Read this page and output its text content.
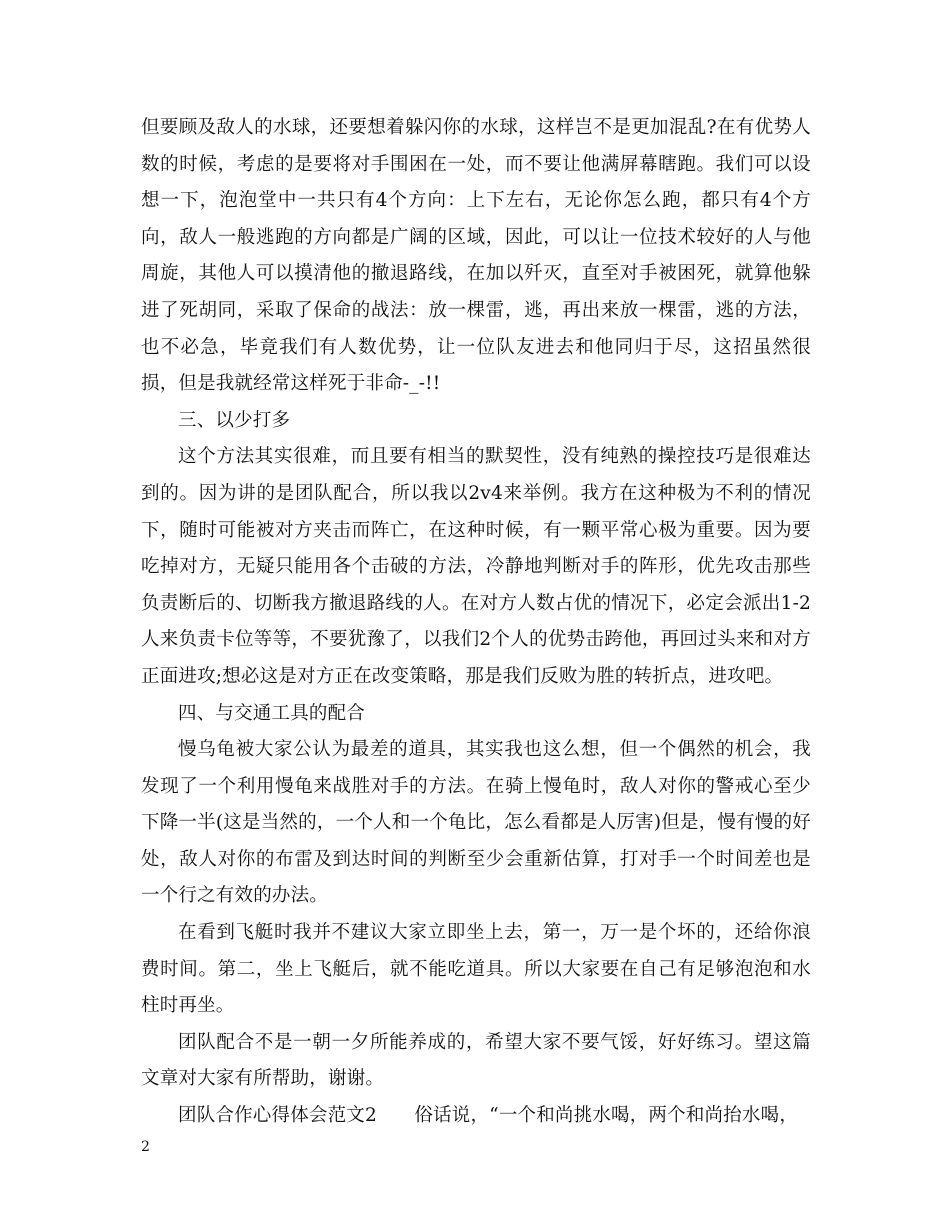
但要顾及敌人的水球，还要想着躲闪你的水球，这样岂不是更加混乱?在有优势人数的时候，考虑的是要将对手围困在一处，而不要让他满屏幕瞎跑。我们可以设想一下，泡泡堂中一共只有4个方向：上下左右，无论你怎么跑，都只有4个方向，敌人一般逃跑的方向都是广阔的区域，因此，可以让一位技术较好的人与他周旋，其他人可以摸清他的撤退路线，在加以歼灭，直至对手被困死，就算他躲进了死胡同，采取了保命的战法：放一棵雷，逃，再出来放一棵雷，逃的方法，也不必急，毕竟我们有人数优势，让一位队友进去和他同归于尽，这招虽然很损，但是我就经常这样死于非命-_-!!

三、以少打多

这个方法其实很难，而且要有相当的默契性，没有纯熟的操控技巧是很难达到的。因为讲的是团队配合，所以我以2v4来举例。我方在这种极为不利的情况下，随时可能被对方夹击而阵亡，在这种时候，有一颗平常心极为重要。因为要吃掉对方，无疑只能用各个击破的方法，冷静地判断对手的阵形，优先攻击那些负责断后的、切断我方撤退路线的人。在对方人数占优的情况下，必定会派出1-2人来负责卡位等等，不要犹豫了，以我们2个人的优势击跨他，再回过头来和对方正面进攻;想必这是对方正在改变策略，那是我们反败为胜的转折点，进攻吧。

四、与交通工具的配合

慢乌龟被大家公认为最差的道具，其实我也这么想，但一个偶然的机会，我发现了一个利用慢龟来战胜对手的方法。在骑上慢龟时，敌人对你的警戒心至少下降一半(这是当然的，一个人和一个龟比，怎么看都是人厉害)但是，慢有慢的好处，敌人对你的布雷及到达时间的判断至少会重新估算，打对手一个时间差也是一个行之有效的办法。

在看到飞艇时我并不建议大家立即坐上去，第一，万一是个坏的，还给你浪费时间。第二，坐上飞艇后，就不能吃道具。所以大家要在自己有足够泡泡和水柱时再坐。

团队配合不是一朝一夕所能养成的，希望大家不要气馁，好好练习。望这篇文章对大家有所帮助，谢谢。

团队合作心得体会范文2　　俗话说，“一个和尚挑水喝，两个和尚抬水喝，

2
